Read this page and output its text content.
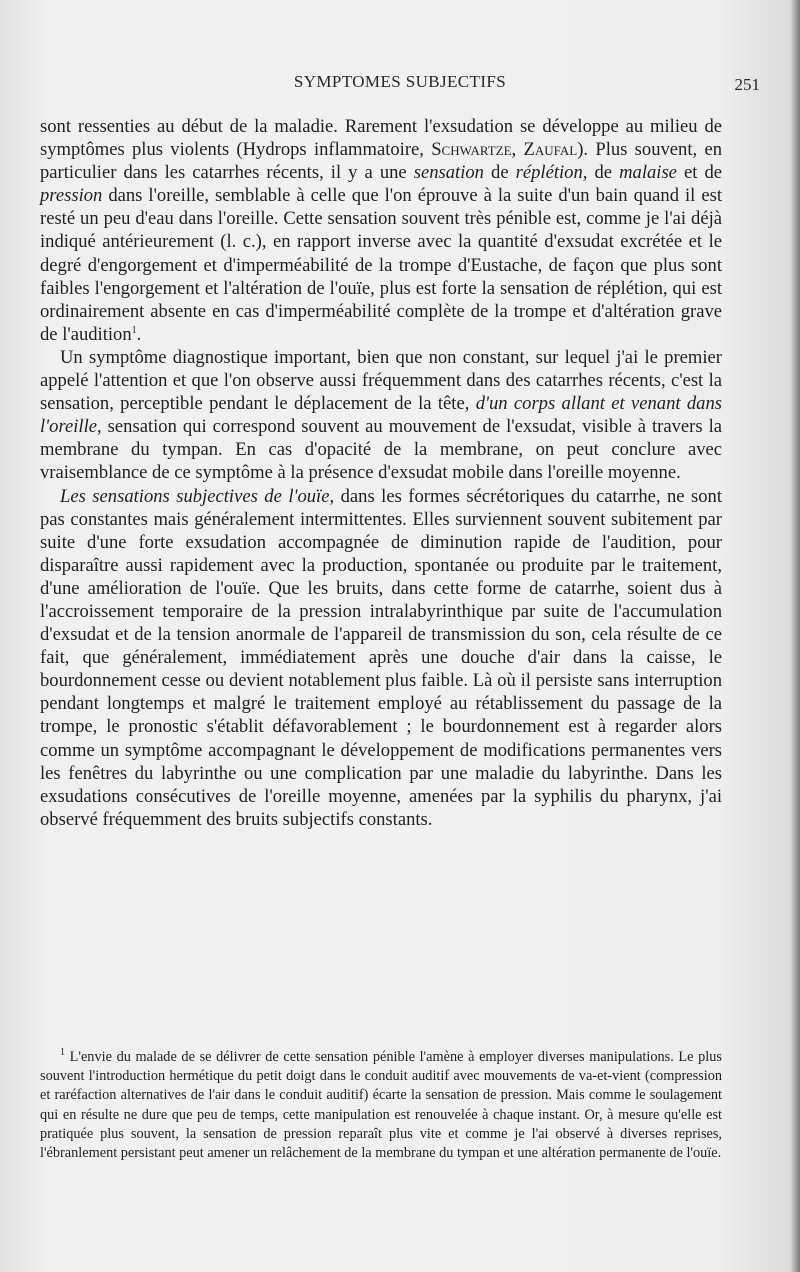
SYMPTOMES SUBJECTIFS	251

sont ressenties au début de la maladie. Rarement l'exsudation se développe au milieu de symptômes plus violents (Hydrops inflammatoire, Schwartze, Zaufal). Plus souvent, en particulier dans les catarrhes récents, il y a une sensation de réplétion, de malaise et de pression dans l'oreille, semblable à celle que l'on éprouve à la suite d'un bain quand il est resté un peu d'eau dans l'oreille. Cette sensation souvent très pénible est, comme je l'ai déjà indiqué antérieurement (l. c.), en rapport inverse avec la quantité d'exsudat excrétée et le degré d'engorgement et d'imperméabilité de la trompe d'Eustache, de façon que plus sont faibles l'engorgement et l'altération de l'ouïe, plus est forte la sensation de réplétion, qui est ordinairement absente en cas d'imperméabilité complète de la trompe et d'altération grave de l'audition$^1$.

Un symptôme diagnostique important, bien que non constant, sur lequel j'ai le premier appelé l'attention et que l'on observe aussi fréquemment dans des catarrhes récents, c'est la sensation, perceptible pendant le déplacement de la tête, d'un corps allant et venant dans l'oreille, sensation qui correspond souvent au mouvement de l'exsudat, visible à travers la membrane du tympan. En cas d'opacité de la membrane, on peut conclure avec vraisemblance de ce symptôme à la présence d'exsudat mobile dans l'oreille moyenne.

Les sensations subjectives de l'ouïe, dans les formes sécrétoriques du catarrhe, ne sont pas constantes mais généralement intermittentes. Elles surviennent souvent subitement par suite d'une forte exsudation accompagnée de diminution rapide de l'audition, pour disparaître aussi rapidement avec la production, spontanée ou produite par le traitement, d'une amélioration de l'ouïe. Que les bruits, dans cette forme de catarrhe, soient dus à l'accroissement temporaire de la pression intralabyrinthique par suite de l'accumulation d'exsudat et de la tension anormale de l'appareil de transmission du son, cela résulte de ce fait, que généralement, immédiatement après une douche d'air dans la caisse, le bourdonnement cesse ou devient notablement plus faible. Là où il persiste sans interruption pendant longtemps et malgré le traitement employé au rétablissement du passage de la trompe, le pronostic s'établit défavorablement ; le bourdonnement est à regarder alors comme un symptôme accompagnant le développement de modifications permanentes vers les fenêtres du labyrinthe ou une complication par une maladie du labyrinthe. Dans les exsudations consécutives de l'oreille moyenne, amenées par la syphilis du pharynx, j'ai observé fréquemment des bruits subjectifs constants.

$^1$ L'envie du malade de se délivrer de cette sensation pénible l'amène à employer diverses manipulations. Le plus souvent l'introduction hermétique du petit doigt dans le conduit auditif avec mouvements de va-et-vient (compression et raréfaction alternatives de l'air dans le conduit auditif) écarte la sensation de pression. Mais comme le soulagement qui en résulte ne dure que peu de temps, cette manipulation est renouvelée à chaque instant. Or, à mesure qu'elle est pratiquée plus souvent, la sensation de pression reparaît plus vite et comme je l'ai observé à diverses reprises, l'ébranlement persistant peut amener un relâchement de la membrane du tympan et une altération permanente de l'ouïe.
